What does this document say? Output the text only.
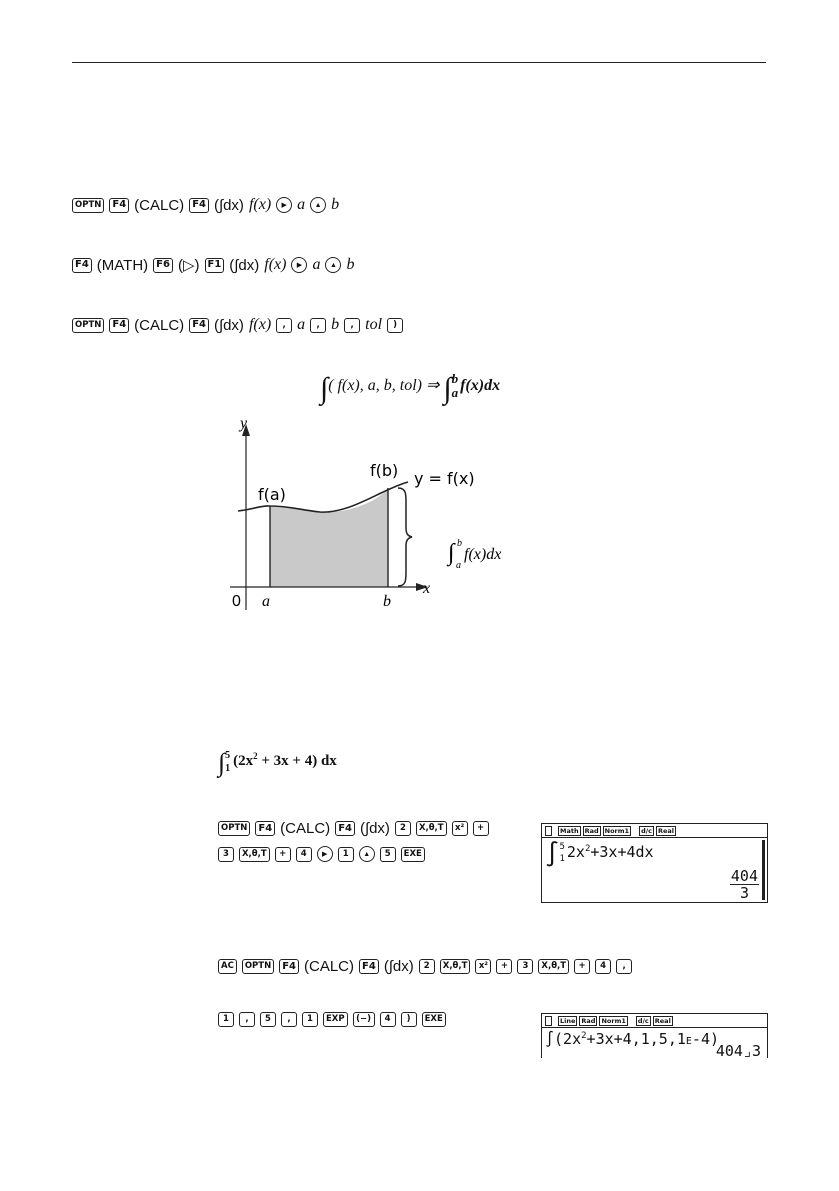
OPTN	F4 (CALC) F4 (∫dx) f(x)	▶ a	▲ b
F4 (MATH) F6 (▷) F1 (∫dx) f(x)	▶ a	▲ b
OPTN	F4 (CALC) F4 (∫dx) f(x)	, a	, b	, tol	)
∫( f(x), a, b, tol) ⇒ ∫ b
a f(x)dx
y
x
0 a	b
f(a)
f(b) y = f(x)
∫ b
a
f(x)dx
∫ 5
1 $(2x^2 + 3x + 4)$ dx
OPTN	F4 (CALC) F4 (∫dx)	2	X,θ,T	x²	+
3	X,θ,T	+	4	▶	1	▲	5	EXE
Math Rad Norm1	d/c Real
∫ 5
1 $2x^2+3x+4dx$
$\frac{404}{3}$
AC	OPTN	F4 (CALC) F4 (∫dx)	2	X,θ,T	x²	+	3	X,θ,T	+	4	,
1	,	5	,	1	EXP	(−)	4	)	EXE	Line Rad Norm1	d/c Real
$\int(2x^2+3x+4,1,5,1E-4)$
404⌟3
